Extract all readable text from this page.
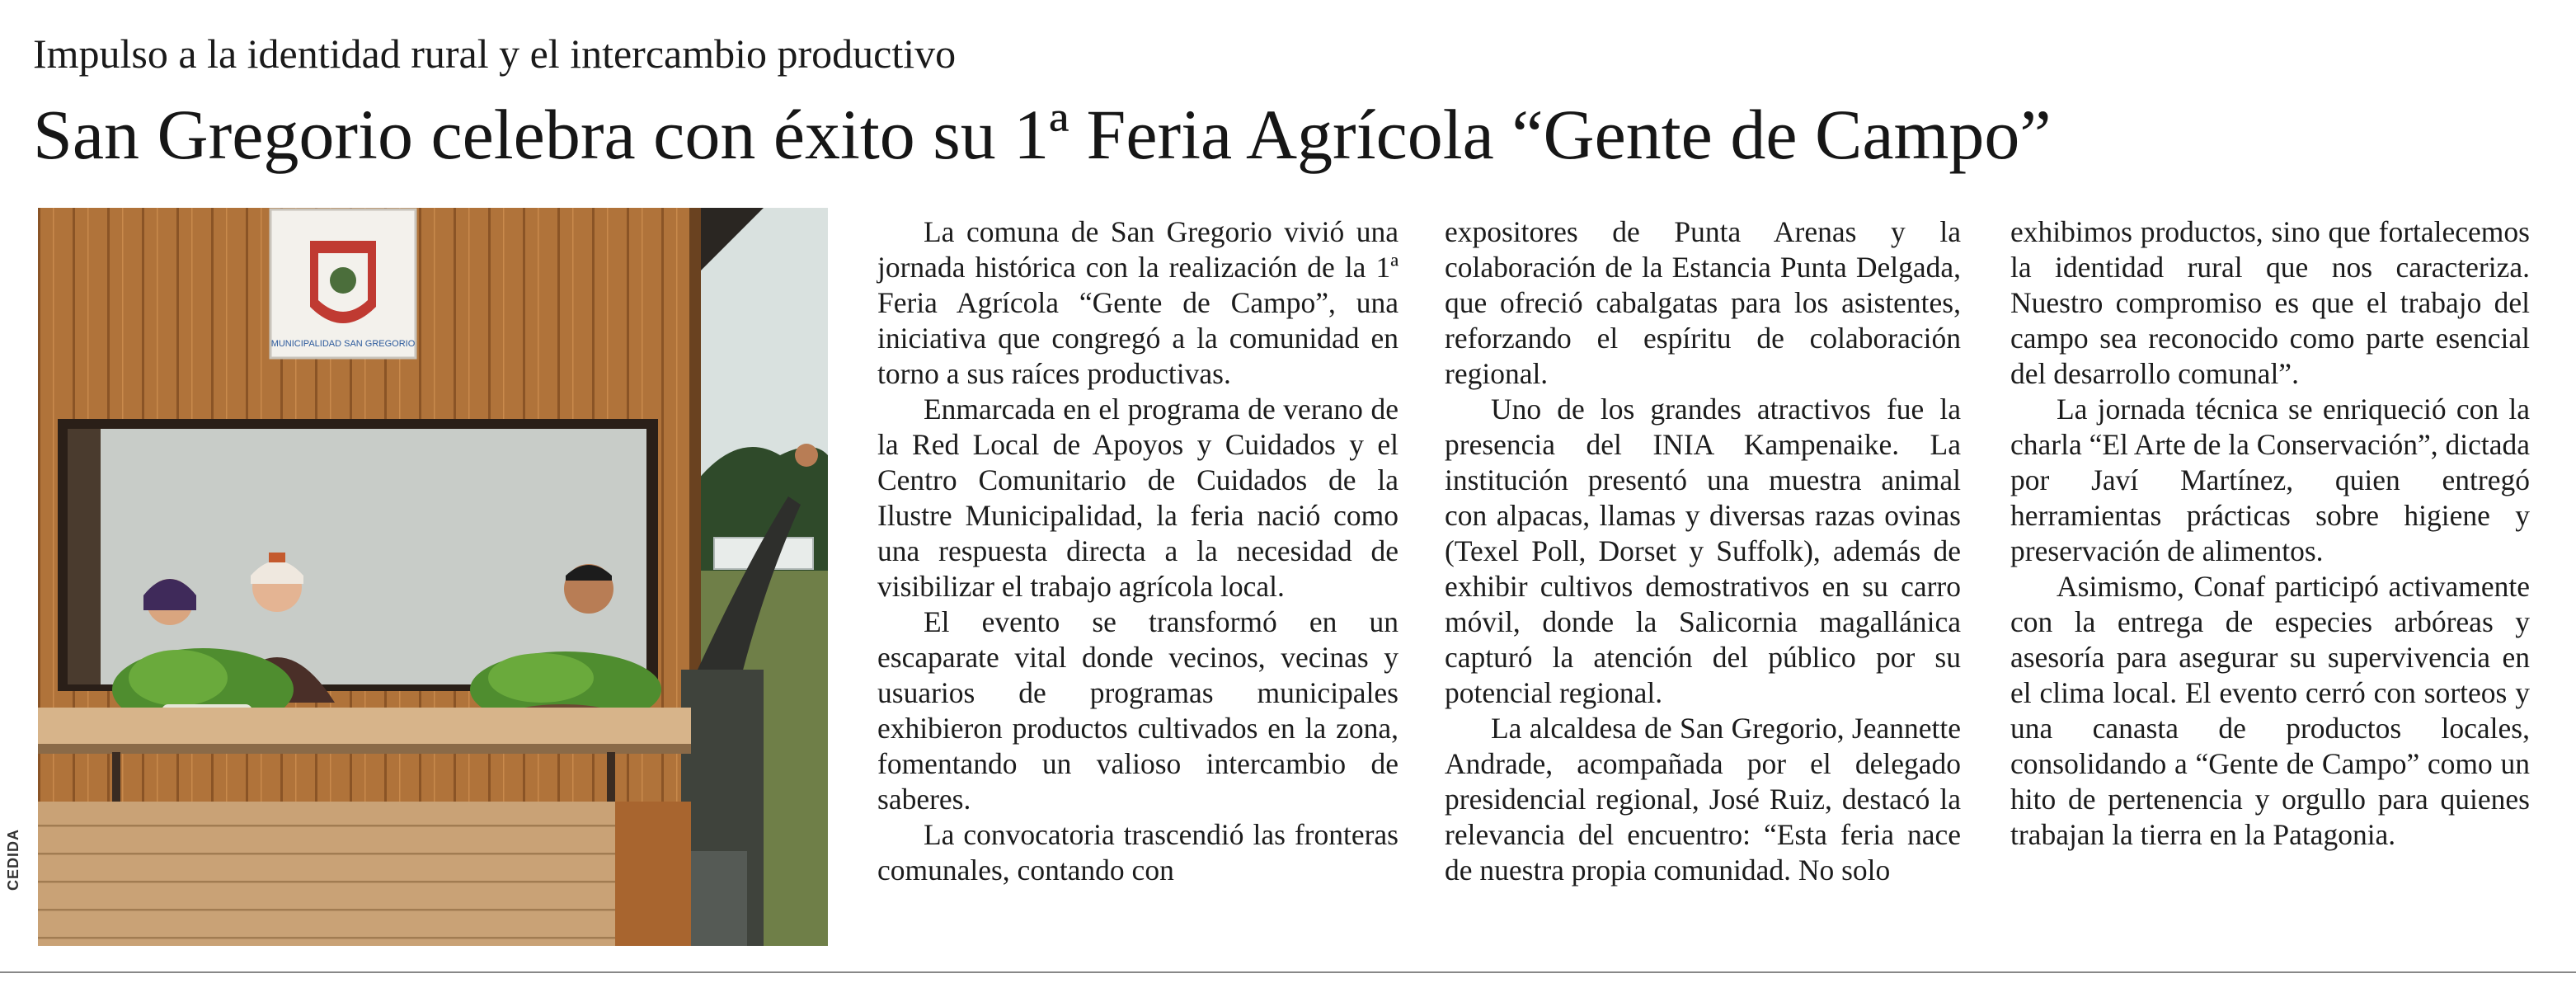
Impulso a la identidad rural y el intercambio productivo
San Gregorio celebra con éxito su 1ª Feria Agrícola “Gente de Campo”
MUNICIPALIDAD SAN GREGORIO
CEDIDA

La comuna de San Gregorio vivió una jornada histórica con la realización de la 1ª Feria Agrícola “Gente de Campo”, una iniciativa que congregó a la comunidad en torno a sus raíces productivas.

Enmarcada en el programa de verano de la Red Local de Apoyos y Cuidados y el Centro Comunitario de Cuidados de la Ilustre Municipalidad, la feria nació como una respuesta directa a la necesidad de visibilizar el trabajo agrícola local.

El evento se transformó en un escaparate vital donde vecinos, vecinas y usuarios de programas municipales exhibieron productos cultivados en la zona, fomentando un valioso intercambio de saberes.

La convocatoria trascendió las fronteras comunales, contando con

expositores de Punta Arenas y la colaboración de la Estancia Punta Delgada, que ofreció cabalgatas para los asistentes, reforzando el espíritu de colaboración regional.

Uno de los grandes atractivos fue la presencia del INIA Kampenaike. La institución presentó una muestra animal con alpacas, llamas y diversas razas ovinas (Texel Poll, Dorset y Suffolk), además de exhibir cultivos demostrativos en su carro móvil, donde la Salicornia magallánica capturó la atención del público por su potencial regional.

La alcaldesa de San Gregorio, Jeannette Andrade, acompañada por el delegado presidencial regional, José Ruiz, destacó la relevancia del encuentro: “Esta feria nace de nuestra propia comunidad. No solo

exhibimos productos, sino que fortalecemos la identidad rural que nos caracteriza. Nuestro compromiso es que el trabajo del campo sea reconocido como parte esencial del desarrollo comunal”.

La jornada técnica se enriqueció con la charla “El Arte de la Conservación”, dictada por Javí Martínez, quien entregó herramientas prácticas sobre higiene y preservación de alimentos.

Asimismo, Conaf participó activamente con la entrega de especies arbóreas y asesoría para asegurar su supervivencia en el clima local. El evento cerró con sorteos y una canasta de productos locales, consolidando a “Gente de Campo” como un hito de pertenencia y orgullo para quienes trabajan la tierra en la Patagonia.
